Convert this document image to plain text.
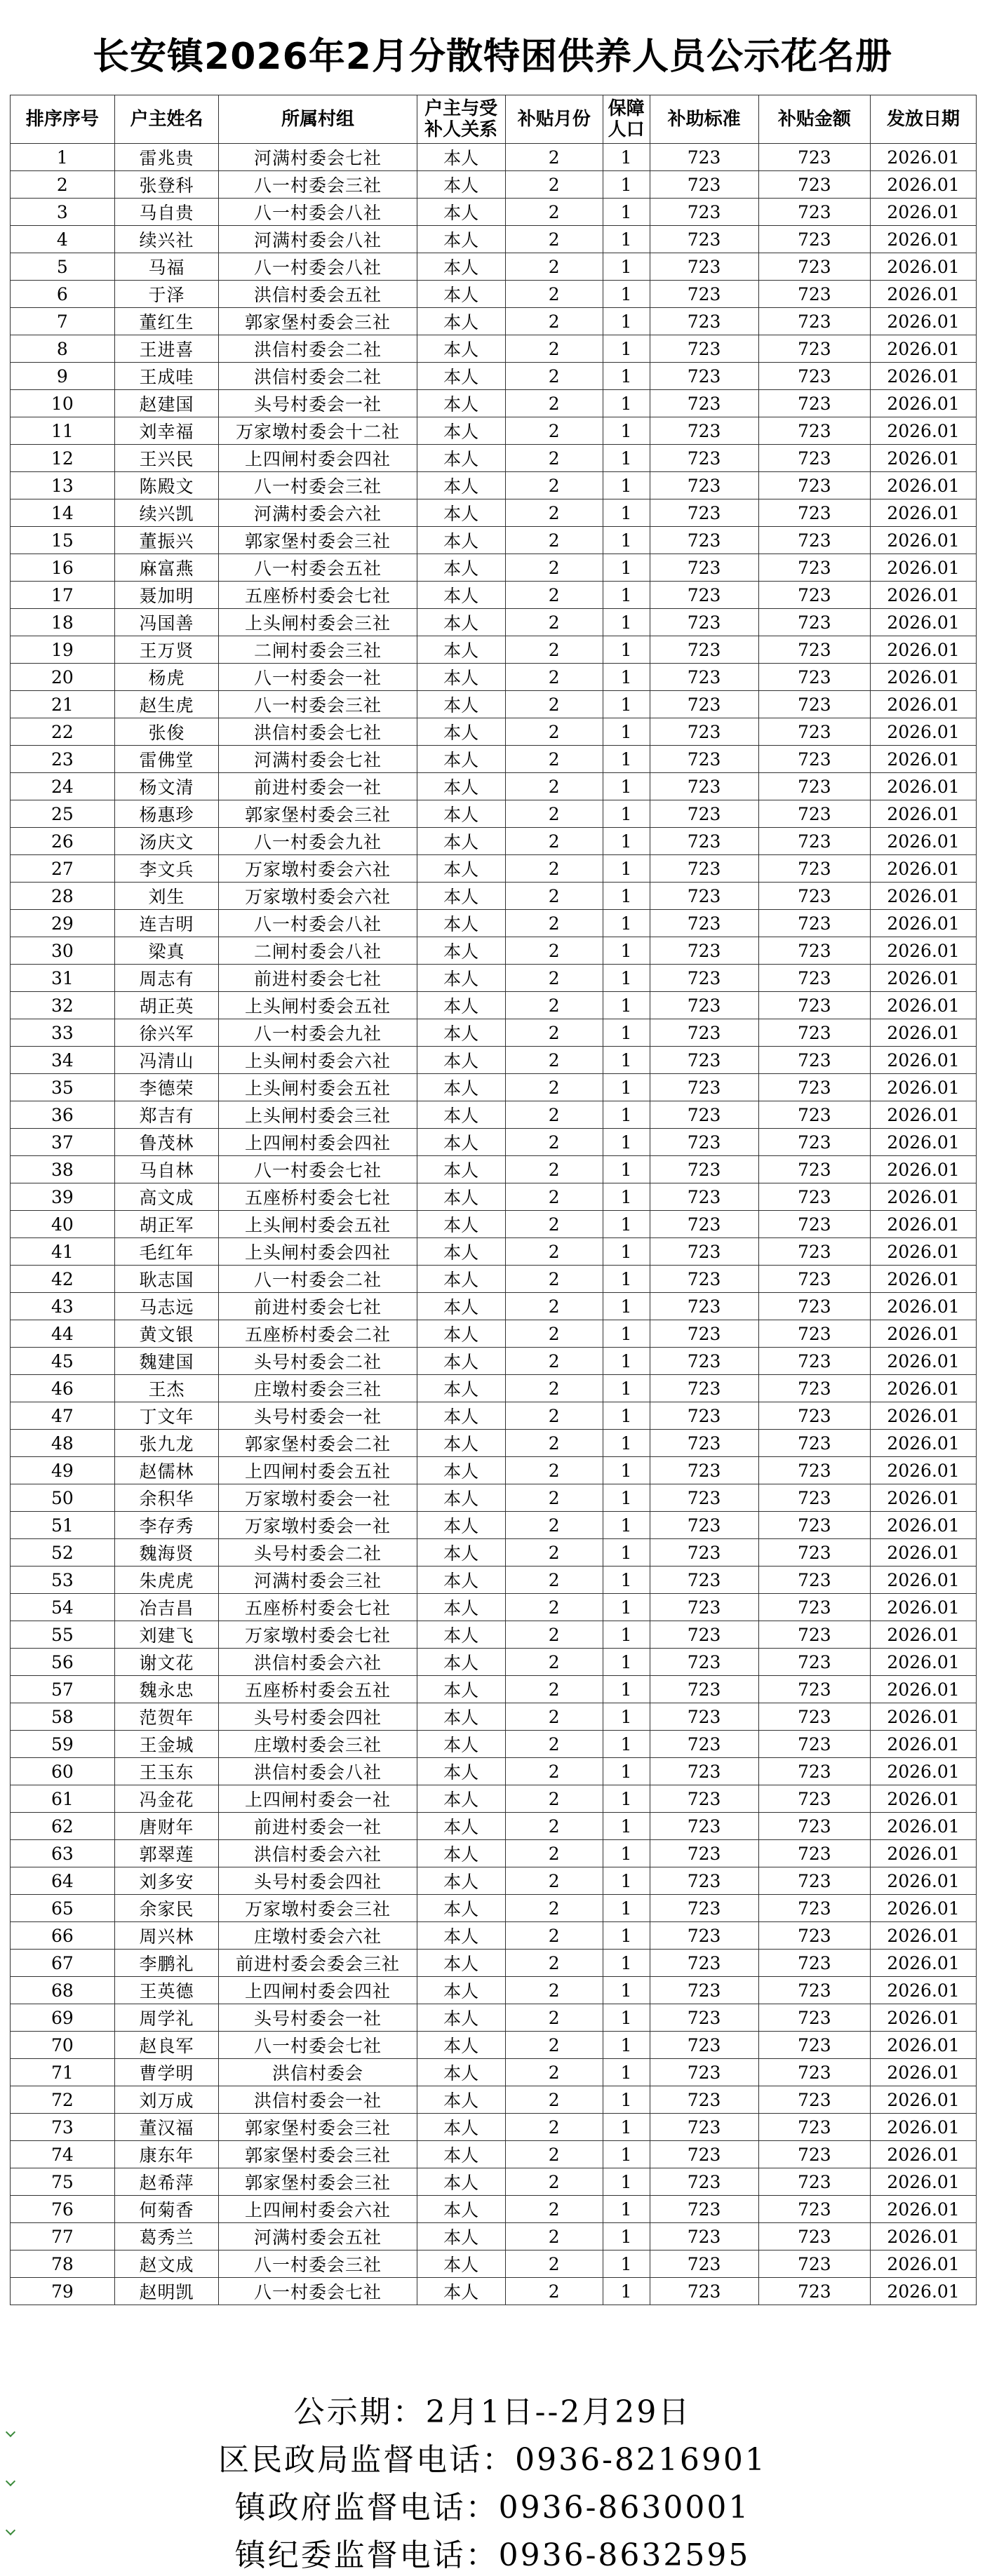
长安镇2026年2月分散特困供养人员公示花名册
排序序号	户主姓名	所属村组	户主与受补人关系	补贴月份	保障人口	补助标准	补贴金额	发放日期
1	雷兆贵	河满村委会七社	本人	2	1	723	723	2026.01
2	张登科	八一村委会三社	本人	2	1	723	723	2026.01
3	马自贵	八一村委会八社	本人	2	1	723	723	2026.01
4	续兴社	河满村委会八社	本人	2	1	723	723	2026.01
5	马福	八一村委会八社	本人	2	1	723	723	2026.01
6	于泽	洪信村委会五社	本人	2	1	723	723	2026.01
7	董红生	郭家堡村委会三社	本人	2	1	723	723	2026.01
8	王进喜	洪信村委会二社	本人	2	1	723	723	2026.01
9	王成哇	洪信村委会二社	本人	2	1	723	723	2026.01
10	赵建国	头号村委会一社	本人	2	1	723	723	2026.01
11	刘幸福	万家墩村委会十二社	本人	2	1	723	723	2026.01
12	王兴民	上四闸村委会四社	本人	2	1	723	723	2026.01
13	陈殿文	八一村委会三社	本人	2	1	723	723	2026.01
14	续兴凯	河满村委会六社	本人	2	1	723	723	2026.01
15	董振兴	郭家堡村委会三社	本人	2	1	723	723	2026.01
16	麻富燕	八一村委会五社	本人	2	1	723	723	2026.01
17	聂加明	五座桥村委会七社	本人	2	1	723	723	2026.01
18	冯国善	上头闸村委会三社	本人	2	1	723	723	2026.01
19	王万贤	二闸村委会三社	本人	2	1	723	723	2026.01
20	杨虎	八一村委会一社	本人	2	1	723	723	2026.01
21	赵生虎	八一村委会三社	本人	2	1	723	723	2026.01
22	张俊	洪信村委会七社	本人	2	1	723	723	2026.01
23	雷佛堂	河满村委会七社	本人	2	1	723	723	2026.01
24	杨文清	前进村委会一社	本人	2	1	723	723	2026.01
25	杨惠珍	郭家堡村委会三社	本人	2	1	723	723	2026.01
26	汤庆文	八一村委会九社	本人	2	1	723	723	2026.01
27	李文兵	万家墩村委会六社	本人	2	1	723	723	2026.01
28	刘生	万家墩村委会六社	本人	2	1	723	723	2026.01
29	连吉明	八一村委会八社	本人	2	1	723	723	2026.01
30	梁真	二闸村委会八社	本人	2	1	723	723	2026.01
31	周志有	前进村委会七社	本人	2	1	723	723	2026.01
32	胡正英	上头闸村委会五社	本人	2	1	723	723	2026.01
33	徐兴军	八一村委会九社	本人	2	1	723	723	2026.01
34	冯清山	上头闸村委会六社	本人	2	1	723	723	2026.01
35	李德荣	上头闸村委会五社	本人	2	1	723	723	2026.01
36	郑吉有	上头闸村委会三社	本人	2	1	723	723	2026.01
37	鲁茂林	上四闸村委会四社	本人	2	1	723	723	2026.01
38	马自林	八一村委会七社	本人	2	1	723	723	2026.01
39	高文成	五座桥村委会七社	本人	2	1	723	723	2026.01
40	胡正军	上头闸村委会五社	本人	2	1	723	723	2026.01
41	毛红年	上头闸村委会四社	本人	2	1	723	723	2026.01
42	耿志国	八一村委会二社	本人	2	1	723	723	2026.01
43	马志远	前进村委会七社	本人	2	1	723	723	2026.01
44	黄文银	五座桥村委会二社	本人	2	1	723	723	2026.01
45	魏建国	头号村委会二社	本人	2	1	723	723	2026.01
46	王杰	庄墩村委会三社	本人	2	1	723	723	2026.01
47	丁文年	头号村委会一社	本人	2	1	723	723	2026.01
48	张九龙	郭家堡村委会二社	本人	2	1	723	723	2026.01
49	赵儒林	上四闸村委会五社	本人	2	1	723	723	2026.01
50	余积华	万家墩村委会一社	本人	2	1	723	723	2026.01
51	李存秀	万家墩村委会一社	本人	2	1	723	723	2026.01
52	魏海贤	头号村委会二社	本人	2	1	723	723	2026.01
53	朱虎虎	河满村委会三社	本人	2	1	723	723	2026.01
54	冶吉昌	五座桥村委会七社	本人	2	1	723	723	2026.01
55	刘建飞	万家墩村委会七社	本人	2	1	723	723	2026.01
56	谢文花	洪信村委会六社	本人	2	1	723	723	2026.01
57	魏永忠	五座桥村委会五社	本人	2	1	723	723	2026.01
58	范贺年	头号村委会四社	本人	2	1	723	723	2026.01
59	王金城	庄墩村委会三社	本人	2	1	723	723	2026.01
60	王玉东	洪信村委会八社	本人	2	1	723	723	2026.01
61	冯金花	上四闸村委会一社	本人	2	1	723	723	2026.01
62	唐财年	前进村委会一社	本人	2	1	723	723	2026.01
63	郭翠莲	洪信村委会六社	本人	2	1	723	723	2026.01
64	刘多安	头号村委会四社	本人	2	1	723	723	2026.01
65	余家民	万家墩村委会三社	本人	2	1	723	723	2026.01
66	周兴林	庄墩村委会六社	本人	2	1	723	723	2026.01
67	李鹏礼	前进村委会委会三社	本人	2	1	723	723	2026.01
68	王英德	上四闸村委会四社	本人	2	1	723	723	2026.01
69	周学礼	头号村委会一社	本人	2	1	723	723	2026.01
70	赵良军	八一村委会七社	本人	2	1	723	723	2026.01
71	曹学明	洪信村委会	本人	2	1	723	723	2026.01
72	刘万成	洪信村委会一社	本人	2	1	723	723	2026.01
73	董汉福	郭家堡村委会三社	本人	2	1	723	723	2026.01
74	康东年	郭家堡村委会三社	本人	2	1	723	723	2026.01
75	赵希萍	郭家堡村委会三社	本人	2	1	723	723	2026.01
76	何菊香	上四闸村委会六社	本人	2	1	723	723	2026.01
77	葛秀兰	河满村委会五社	本人	2	1	723	723	2026.01
78	赵文成	八一村委会三社	本人	2	1	723	723	2026.01
79	赵明凯	八一村委会七社	本人	2	1	723	723	2026.01
公示期：2月1日--2月29日
区民政局监督电话：0936-8216901
镇政府监督电话：0936-8630001
镇纪委监督电话：0936-8632595
